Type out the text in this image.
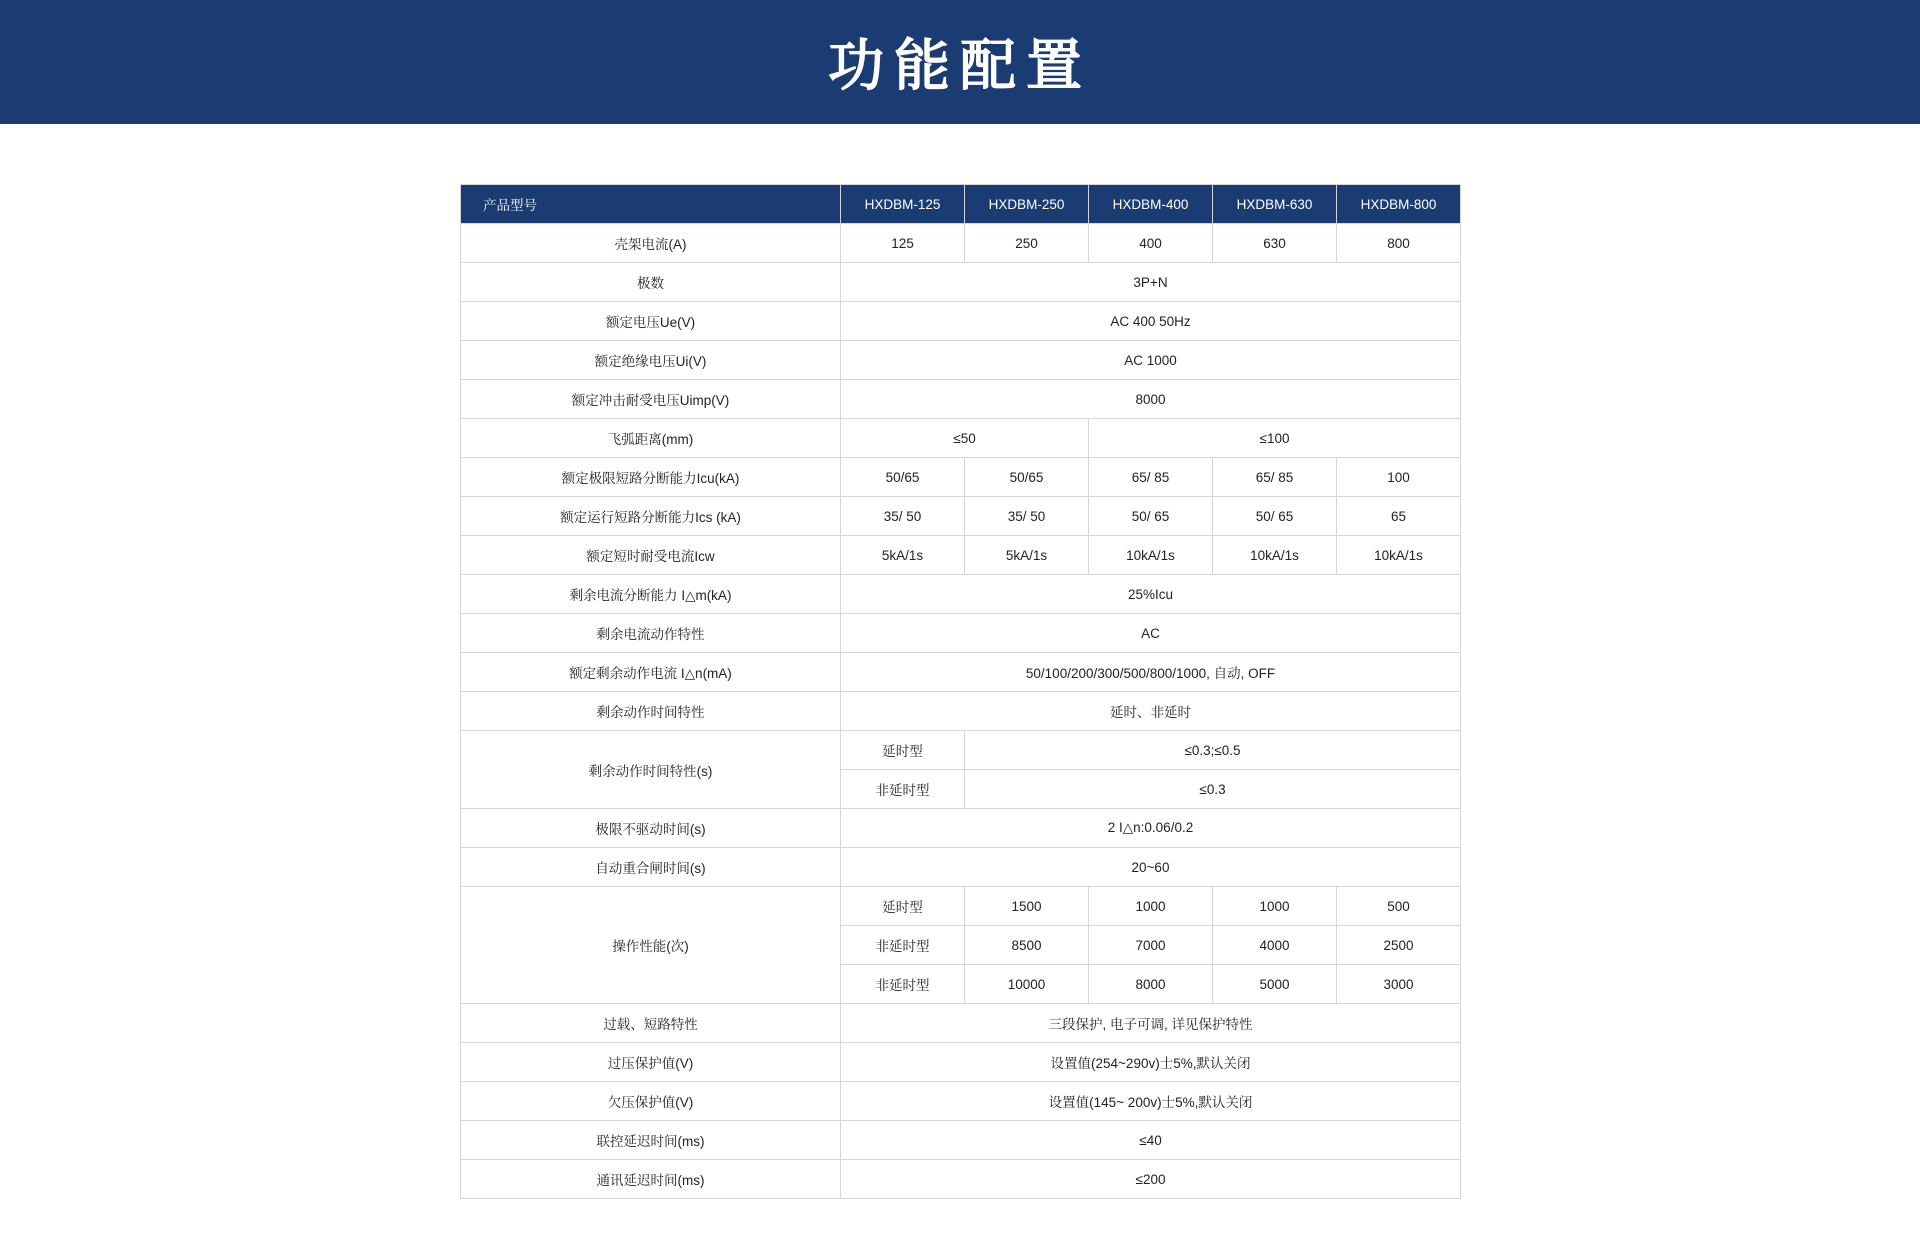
功能配置
产品型号	HXDBM-125	HXDBM-250	HXDBM-400	HXDBM-630	HXDBM-800
壳架电流(A)	125	250	400	630	800
极数	3P+N				
额定电压Ue(V)	AC 400 50Hz				
额定绝缘电压Ui(V)	AC 1000				
额定冲击耐受电压Uimp(V)	8000				
飞弧距离(mm)	≤50		≤100		
额定极限短路分断能力Icu(kA)	50/65	50/65	65/ 85	65/ 85	100
额定运行短路分断能力Ics (kA)	35/ 50	35/ 50	50/ 65	50/ 65	65
额定短时耐受电流Icw	5kA/1s	5kA/1s	10kA/1s	10kA/1s	10kA/1s
剩余电流分断能力 I△m(kA)	25%Icu				
剩余电流动作特性	AC				
额定剩余动作电流 I△n(mA)	50/100/200/300/500/800/1000, 自动, OFF				
剩余动作时间特性	延时、非延时				
剩余动作时间特性(s)	延时型	≤0.3;≤0.5			
	非延时型	≤0.3			
极限不驱动时间(s)	2 I△n:0.06/0.2				
自动重合闸时间(s)	20~60				
操作性能(次)	延时型	1500	1000	1000	500
	非延时型	8500	7000	4000	2500
	非延时型	10000	8000	5000	3000
过载、短路特性	三段保护, 电子可调, 详见保护特性				
过压保护值(V)	设置值(254~290v)士5%,默认关闭				
欠压保护值(V)	设置值(145~ 200v)士5%,默认关闭				
联控延迟时间(ms)	≤40				
通讯延迟时间(ms)	≤200				
